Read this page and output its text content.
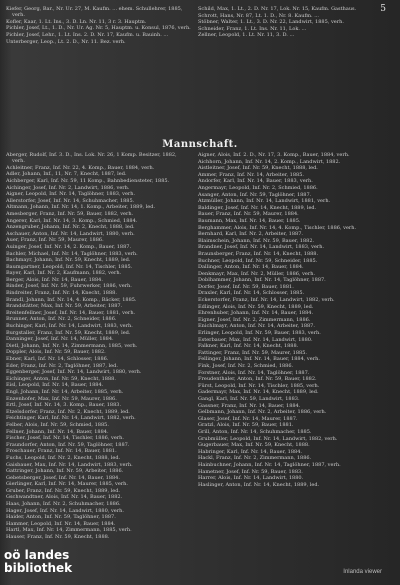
5
Kiefer, Georg, Bar., Nr. Ur. 27, M. Kaufm. ... ehem. Schullehrer, 1885, verh.
Kofler, Kaar, 1. Lt. Ins., 3. D. Ln. Nr. 11, 3 r. 3. Hauptm.
Pichler, Josef, Lt., 1. D., Nr. Ur. Ag. Nr. 5, Hauptm. u. Konsul, 1876, verh.
Pichler, Josef, Lehr., 1. Lt. Ins. 2. D. Nr. 17, Kaufm. u. Bauinh. ...
Unterberger, Leop., Lt. 2. D., Nr. 11. Bez. verh.
Schild, Max, 1. Lt., 2. D. Nr. 17, Lok. Nr. 15, Kaufm. Gasthaus.
Schrott, Hans, Nr. 87, Lt. 1. D., Nr. 8. Kaufm. ...
Stöbner, Walter, 1. Lt., 3. D. Nr. 22, Landwirt, 1885, verh.
Schneider, Franz, 1. Lt. Ins. Nr. 11, Lok. ...
Zellner, Leopold, 1. Lt. Nr. 11, 3. D. ...
Mannschaft.
Aberger, Rudolf, Inf. 3. D., Ins. Lok. Nr. 26, 1 Komp. Besitzer, 1882, verh.
Achleitner, Franz, Inf. Nr. 22, 4. Komp., Bauer, 1884, verh.
Adler, Johann, Inf., 11, Nr. 7, Knecht, 1887, led.
Aichberger, Karl, Inf. Nr. 59, 11 Komp., Bahnbediensteter, 1885.
Aichinger, Josef, Inf. Nr. 2, Landwirt, 1886, verh.
Aigner, Leopold, Inf. Nr. 14, Taglöhner, 1883, verh.
Allerstorfer, Josef, Inf. Nr. 14, Schuhmacher, 1885.
Altmann, Johann, Inf. Nr. 14, 1. Komp., Arbeiter, 1889, led.
Amesberger, Franz, Inf. Nr. 59, Bauer, 1882, verh.
Angerer, Karl, Inf. Nr. 14, 3. Komp., Schmied, 1884.
Anzengruber, Johann, Inf. Nr. 2, Knecht, 1888, led.
Aschauer, Anton, Inf. Nr. 14, Landwirt, 1880, verh.
Auer, Franz, Inf. Nr. 59, Maurer, 1886.
Auinger, Josef, Inf. Nr. 14, 2. Komp., Bauer, 1887.
Bachler, Michael, Inf. Nr. 14, Taglöhner, 1883, verh.
Bachmayr, Johann, Inf. Nr. 59, Knecht, 1889, led.
Baumgartner, Leopold, Inf. Nr. 14, Tischler, 1885.
Bayer, Karl, Inf. Nr. 2, Kaufmann, 1882, verh.
Berger, Alois, Inf. Nr. 14, Bauer, 1884.
Binder, Josef, Inf. Nr. 59, Fuhrwerker, 1886, verh.
Bindreiter, Franz, Inf. Nr. 14, Knecht, 1888.
Brandl, Johann, Inf. Nr. 14, 4. Komp., Bäcker, 1885.
Brandstätter, Max, Inf. Nr. 59, Arbeiter, 1887.
Breitenfellner, Josef, Inf. Nr. 14, Bauer, 1881, verh.
Brunner, Anton, Inf. Nr. 2, Schneider, 1886.
Buchinger, Karl, Inf. Nr. 14, Landwirt, 1883, verh.
Burgstaller, Franz, Inf. Nr. 59, Knecht, 1889, led.
Danninger, Josef, Inf. Nr. 14, Müller, 1884.
Dietl, Johann, Inf. Nr. 14, Zimmermann, 1885, verh.
Doppler, Alois, Inf. Nr. 59, Bauer, 1882.
Ebner, Karl, Inf. Nr. 14, Schlosser, 1886.
Eder, Franz, Inf. Nr. 2, Taglöhner, 1887, led.
Eggenberger, Josef, Inf. Nr. 14, Landwirt, 1880, verh.
Eichinger, Anton, Inf. Nr. 59, Knecht, 1888.
Eisl, Leopold, Inf. Nr. 14, Bauer, 1884.
Engl, Johann, Inf. Nr. 14, Arbeiter, 1885, verh.
Enzenhofer, Max, Inf. Nr. 59, Maurer, 1886.
Ertl, Josef, Inf. Nr. 14, 3. Komp., Bauer, 1883.
Etzelsdorfer, Franz, Inf. Nr. 2, Knecht, 1889, led.
Feichtinger, Karl, Inf. Nr. 14, Landwirt, 1882, verh.
Felber, Alois, Inf. Nr. 59, Schmied, 1885.
Fellner, Johann, Inf. Nr. 14, Bauer, 1884.
Fischer, Josef, Inf. Nr. 14, Tischler, 1886, verh.
Fraundorfer, Anton, Inf. Nr. 59, Taglöhner, 1887.
Froschauer, Franz, Inf. Nr. 14, Bauer, 1881.
Fuchs, Leopold, Inf. Nr. 2, Knecht, 1888, led.
Gaisbauer, Max, Inf. Nr. 14, Landwirt, 1883, verh.
Gattringer, Johann, Inf. Nr. 59, Arbeiter, 1886.
Gebetsberger, Josef, Inf. Nr. 14, Bauer, 1884.
Gierlinger, Karl, Inf. Nr. 14, Maurer, 1885, verh.
Gruber, Franz, Inf. Nr. 59, Knecht, 1889, led.
Gschwandtner, Alois, Inf. Nr. 14, Bauer, 1882.
Haas, Johann, Inf. Nr. 2, Schuhmacher, 1886.
Hager, Josef, Inf. Nr. 14, Landwirt, 1880, verh.
Haider, Anton, Inf. Nr. 59, Taglöhner, 1887.
Hammer, Leopold, Inf. Nr. 14, Bauer, 1884.
Hartl, Max, Inf. Nr. 14, Zimmermann, 1885, verh.
Hauser, Franz, Inf. Nr. 59, Knecht, 1888.
Aigner, Alois, Inf. 2. D., Nr. 17, 3. Komp., Bauer, 1884, verh.
Aichhorn, Johann, Inf. Nr. 14, 2. Komp., Landwirt, 1882.
Aistleitner, Josef, Inf. Nr. 59, Knecht, 1888, led.
Ammer, Franz, Inf. Nr. 14, Arbeiter, 1885.
Andorfer, Karl, Inf. Nr. 14, Bauer, 1883, verh.
Angermayr, Leopold, Inf. Nr. 2, Schmied, 1886.
Asanger, Anton, Inf. Nr. 59, Taglöhner, 1887.
Atzmüller, Johann, Inf. Nr. 14, Landwirt, 1881, verh.
Baldinger, Josef, Inf. Nr. 14, Knecht, 1889, led.
Bauer, Franz, Inf. Nr. 59, Maurer, 1884.
Baumann, Max, Inf. Nr. 14, Bauer, 1885.
Berghammer, Alois, Inf. Nr. 14, 4. Komp., Tischler, 1886, verh.
Bernhard, Karl, Inf. Nr. 2, Arbeiter, 1887.
Blaimschein, Johann, Inf. Nr. 59, Bauer, 1882.
Brandner, Josef, Inf. Nr. 14, Landwirt, 1883, verh.
Braunsberger, Franz, Inf. Nr. 14, Knecht, 1888.
Buchner, Leopold, Inf. Nr. 59, Schneider, 1885.
Dallinger, Anton, Inf. Nr. 14, Bauer, 1884.
Denkmayr, Max, Inf. Nr. 2, Müller, 1886, verh.
Doblhammer, Johann, Inf. Nr. 14, Taglöhner, 1887.
Dorfer, Josef, Inf. Nr. 59, Bauer, 1881.
Draxler, Karl, Inf. Nr. 14, Schlosser, 1885.
Eckerstorfer, Franz, Inf. Nr. 14, Landwirt, 1882, verh.
Edlinger, Alois, Inf. Nr. 59, Knecht, 1889, led.
Ehrenhuber, Johann, Inf. Nr. 14, Bauer, 1884.
Eigner, Josef, Inf. Nr. 2, Zimmermann, 1886.
Enichlmayr, Anton, Inf. Nr. 14, Arbeiter, 1887.
Erlinger, Leopold, Inf. Nr. 59, Bauer, 1883, verh.
Esterbauer, Max, Inf. Nr. 14, Landwirt, 1880.
Falkner, Karl, Inf. Nr. 14, Knecht, 1888.
Fattinger, Franz, Inf. Nr. 59, Maurer, 1885.
Fellinger, Johann, Inf. Nr. 14, Bauer, 1884, verh.
Fink, Josef, Inf. Nr. 2, Schmied, 1886.
Forstner, Alois, Inf. Nr. 14, Taglöhner, 1887.
Freudenthaler, Anton, Inf. Nr. 59, Bauer, 1882.
Fürst, Leopold, Inf. Nr. 14, Tischler, 1885, verh.
Gadermayr, Max, Inf. Nr. 14, Knecht, 1889, led.
Gangl, Karl, Inf. Nr. 59, Landwirt, 1883.
Gassner, Franz, Inf. Nr. 14, Bauer, 1884.
Gelbmann, Johann, Inf. Nr. 2, Arbeiter, 1886, verh.
Glaser, Josef, Inf. Nr. 14, Maurer, 1887.
Gratzl, Alois, Inf. Nr. 59, Bauer, 1881.
Grill, Anton, Inf. Nr. 14, Schuhmacher, 1885.
Grubmüller, Leopold, Inf. Nr. 14, Landwirt, 1882, verh.
Gugerbauer, Max, Inf. Nr. 59, Knecht, 1888.
Habringer, Karl, Inf. Nr. 14, Bauer, 1884.
Hackl, Franz, Inf. Nr. 2, Zimmermann, 1886.
Hainbuchner, Johann, Inf. Nr. 14, Taglöhner, 1887, verh.
Hametner, Josef, Inf. Nr. 59, Bauer, 1883.
Harrer, Alois, Inf. Nr. 14, Landwirt, 1880.
Haslinger, Anton, Inf. Nr. 14, Knecht, 1889, led.
oö landes
bibliothek	Inlanda viewer
